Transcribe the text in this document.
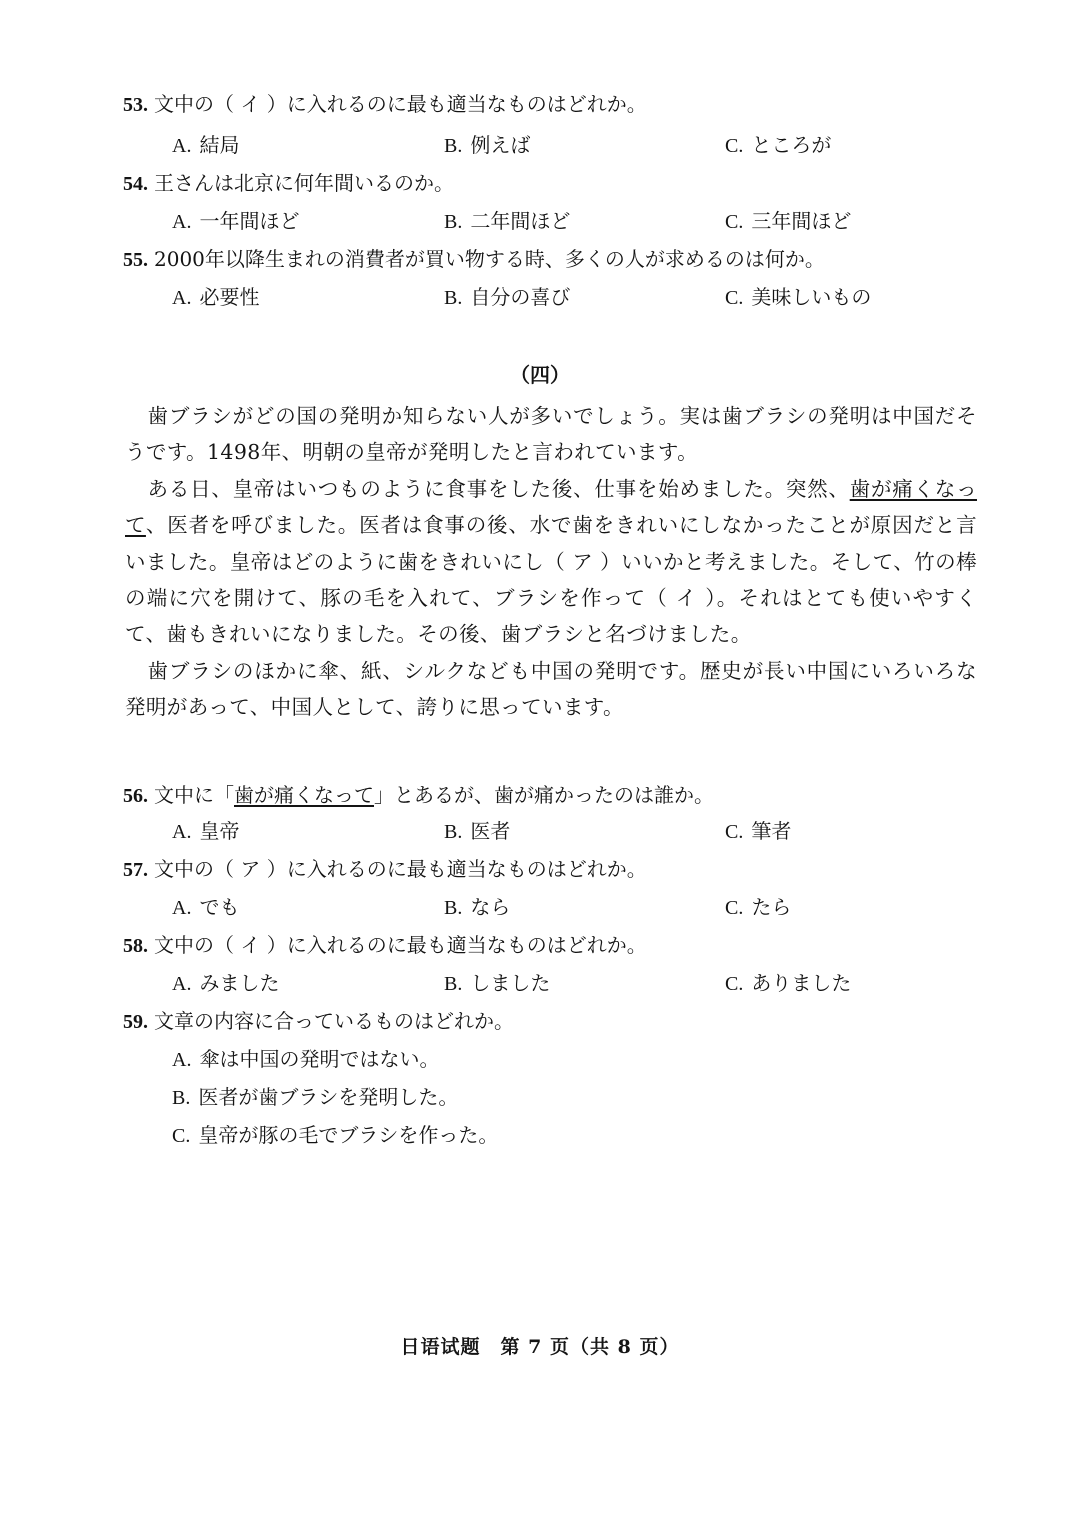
53. 文中の（ イ ）に入れるのに最も適当なものはどれか。
A. 結局	B. 例えば	C. ところが
54. 王さんは北京に何年間いるのか。
A. 一年間ほど	B. 二年間ほど	C. 三年間ほど
55. 2000年以降生まれの消費者が買い物する時、多くの人が求めるのは何か。
A. 必要性	B. 自分の喜び	C. 美味しいもの
（四）

歯ブラシがどの国の発明か知らない人が多いでしょう。実は歯ブラシの発明は中国だそうです。1498年、明朝の皇帝が発明したと言われています。

ある日、皇帝はいつものように食事をした後、仕事を始めました。突然、歯が痛くなって、医者を呼びました。医者は食事の後、水で歯をきれいにしなかったことが原因だと言いました。皇帝はどのように歯をきれいにし（ ア ）いいかと考えました。そして、竹の棒の端に穴を開けて、豚の毛を入れて、ブラシを作って（ イ ）。それはとても使いやすくて、歯もきれいになりました。その後、歯ブラシと名づけました。

歯ブラシのほかに傘、紙、シルクなども中国の発明です。歴史が長い中国にいろいろな発明があって、中国人として、誇りに思っています。

56. 文中に「歯が痛くなって」とあるが、歯が痛かったのは誰か。
A. 皇帝	B. 医者	C. 筆者
57. 文中の（ ア ）に入れるのに最も適当なものはどれか。
A. でも	B. なら	C. たら
58. 文中の（ イ ）に入れるのに最も適当なものはどれか。
A. みました	B. しました	C. ありました
59. 文章の内容に合っているものはどれか。
A. 傘は中国の発明ではない。
B. 医者が歯ブラシを発明した。
C. 皇帝が豚の毛でブラシを作った。
日语试题　第 7 页（共 8 页）
